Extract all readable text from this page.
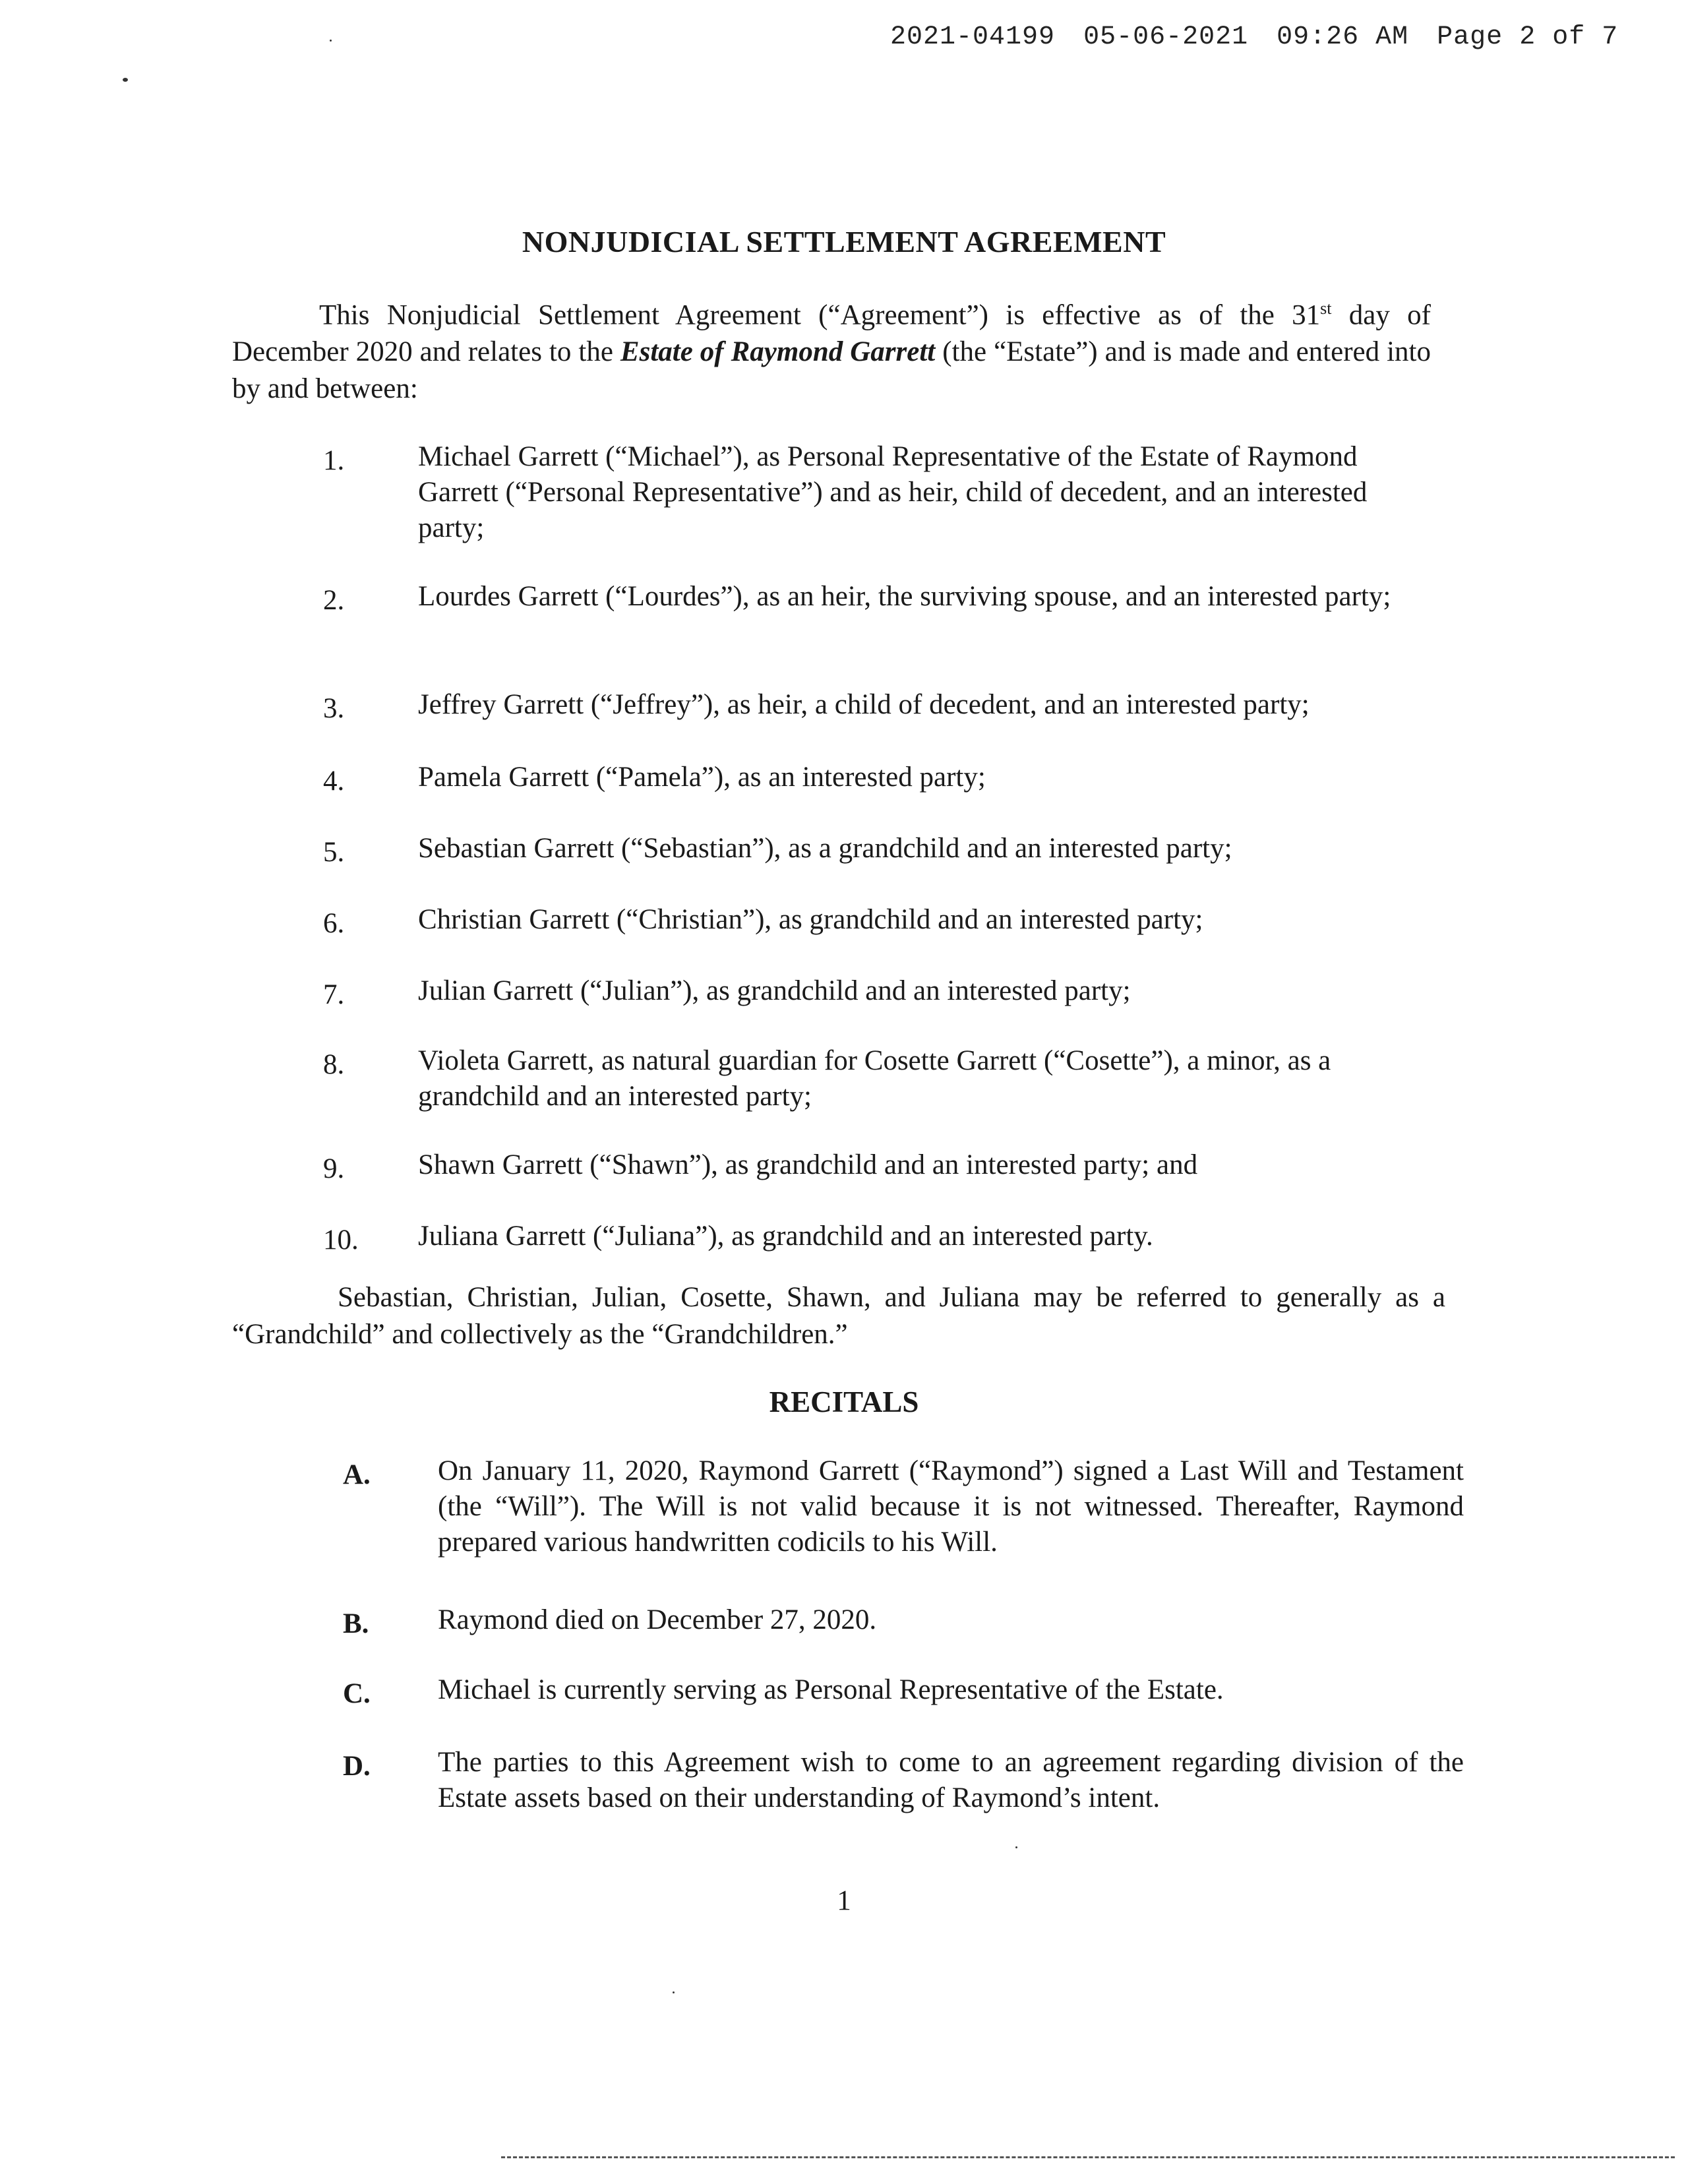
2021-04199 05-06-2021 09:26 AM Page 2 of 7
NONJUDICIAL SETTLEMENT AGREEMENT
This Nonjudicial Settlement Agreement (“Agreement”) is effective as of the 31st day of December 2020 and relates to the Estate of Raymond Garrett (the “Estate”) and is made and entered into by and between:
1.	Michael Garrett (“Michael”), as Personal Representative of the Estate of Raymond Garrett (“Personal Representative”) and as heir, child of decedent, and an interested party;
2.	Lourdes Garrett (“Lourdes”), as an heir, the surviving spouse, and an interested party;
3.	Jeffrey Garrett (“Jeffrey”), as heir, a child of decedent, and an interested party;
4.	Pamela Garrett (“Pamela”), as an interested party;
5.	Sebastian Garrett (“Sebastian”), as a grandchild and an interested party;
6.	Christian Garrett (“Christian”), as grandchild and an interested party;
7.	Julian Garrett (“Julian”), as grandchild and an interested party;
8.	Violeta Garrett, as natural guardian for Cosette Garrett (“Cosette”), a minor, as a grandchild and an interested party;
9.	Shawn Garrett (“Shawn”), as grandchild and an interested party; and
10. Juliana Garrett (“Juliana”), as grandchild and an interested party.
Sebastian, Christian, Julian, Cosette, Shawn, and Juliana may be referred to generally as a “Grandchild” and collectively as the “Grandchildren.”
RECITALS
A. On January 11, 2020, Raymond Garrett (“Raymond”) signed a Last Will and Testament (the “Will”). The Will is not valid because it is not witnessed. Thereafter, Raymond prepared various handwritten codicils to his Will.
B. Raymond died on December 27, 2020.
C. Michael is currently serving as Personal Representative of the Estate.
D. The parties to this Agreement wish to come to an agreement regarding division of the Estate assets based on their understanding of Raymond’s intent.
1
